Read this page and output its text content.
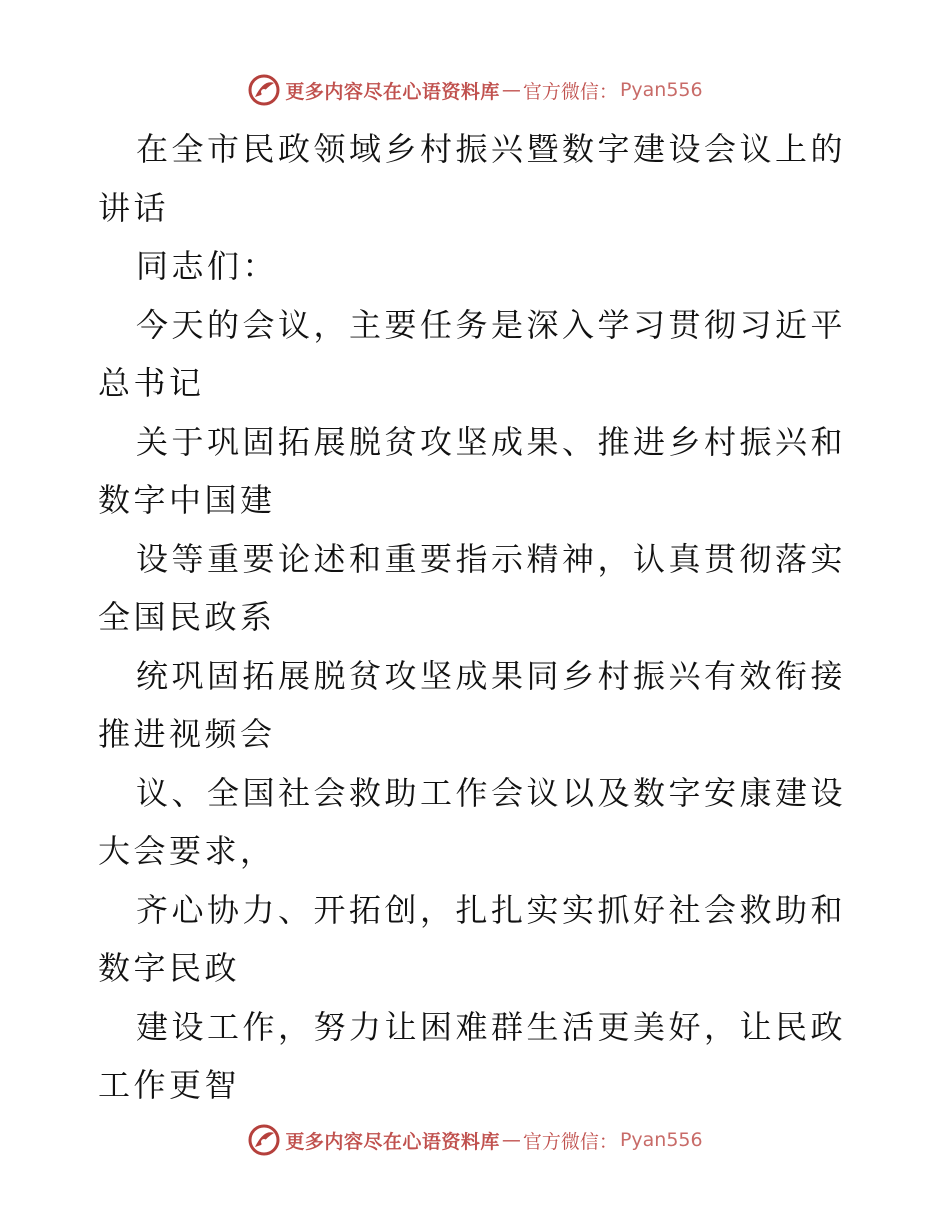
更多内容尽在心语资料库 — 官方微信： Pyan556

在全市民政领域乡村振兴暨数字建设会议上的讲话

同志们：

今天的会议，主要任务是深入学习贯彻习近平总书记

关于巩固拓展脱贫攻坚成果、推进乡村振兴和数字中国建

设等重要论述和重要指示精神，认真贯彻落实全国民政系

统巩固拓展脱贫攻坚成果同乡村振兴有效衔接推进视频会

议、全国社会救助工作会议以及数字安康建设大会要求，

齐心协力、开拓创，扎扎实实抓好社会救助和数字民政

建设工作，努力让困难群生活更美好，让民政工作更智

更多内容尽在心语资料库 — 官方微信： Pyan556
